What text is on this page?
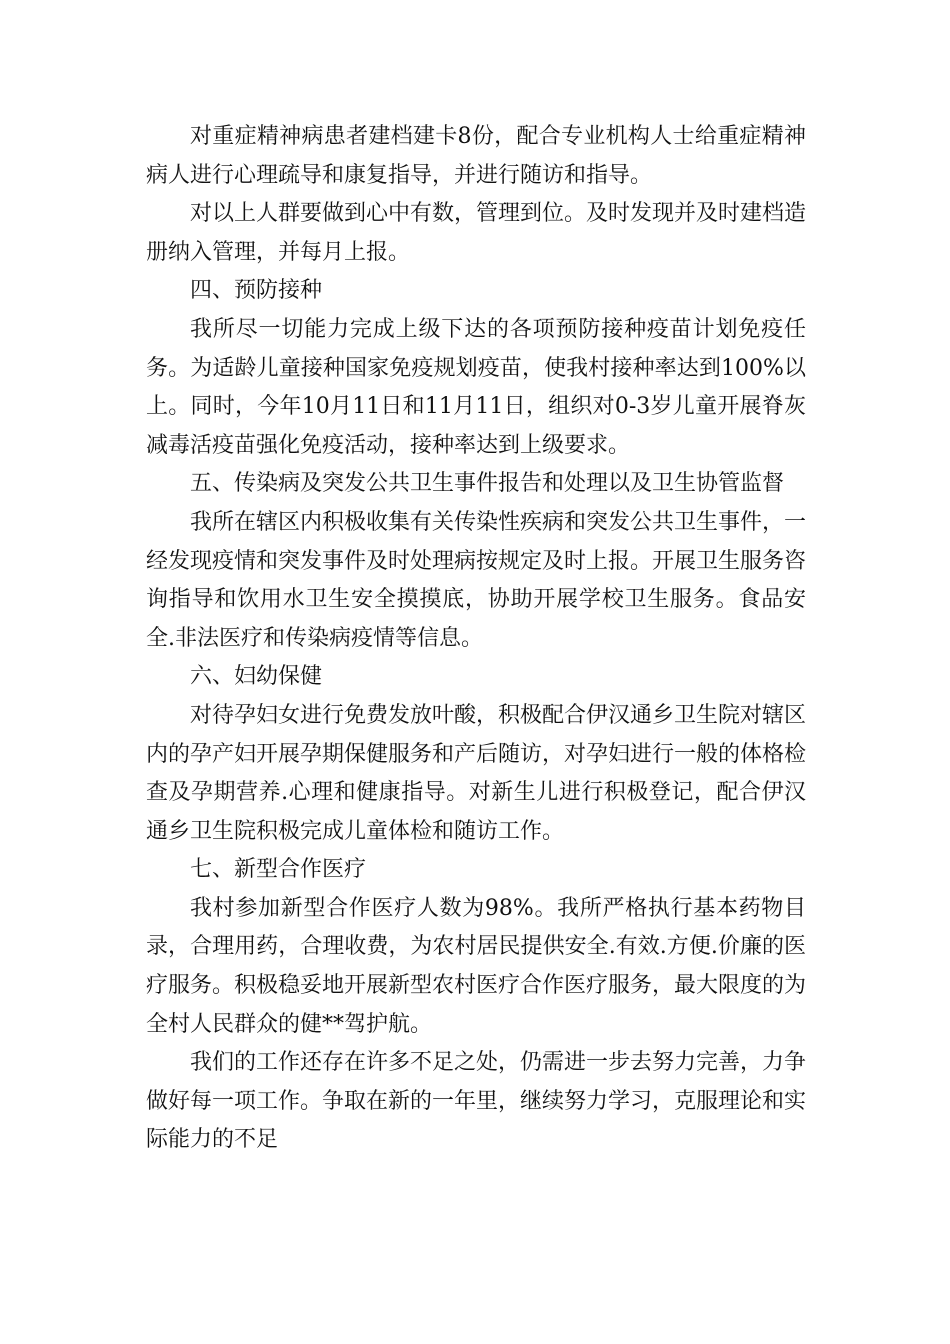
对重症精神病患者建档建卡8份，配合专业机构人士给重症精神病人进行心理疏导和康复指导，并进行随访和指导。

对以上人群要做到心中有数，管理到位。及时发现并及时建档造册纳入管理，并每月上报。

四、预防接种

我所尽一切能力完成上级下达的各项预防接种疫苗计划免疫任务。为适龄儿童接种国家免疫规划疫苗，使我村接种率达到100%以上。同时，今年10月11日和11月11日，组织对0-3岁儿童开展脊灰减毒活疫苗强化免疫活动，接种率达到上级要求。

五、传染病及突发公共卫生事件报告和处理以及卫生协管监督

我所在辖区内积极收集有关传染性疾病和突发公共卫生事件，一经发现疫情和突发事件及时处理病按规定及时上报。开展卫生服务咨询指导和饮用水卫生安全摸摸底，协助开展学校卫生服务。食品安全.非法医疗和传染病疫情等信息。

六、妇幼保健

对待孕妇女进行免费发放叶酸，积极配合伊汉通乡卫生院对辖区内的孕产妇开展孕期保健服务和产后随访，对孕妇进行一般的体格检查及孕期营养.心理和健康指导。对新生儿进行积极登记，配合伊汉通乡卫生院积极完成儿童体检和随访工作。

七、新型合作医疗

我村参加新型合作医疗人数为98%。我所严格执行基本药物目录，合理用药，合理收费，为农村居民提供安全.有效.方便.价廉的医疗服务。积极稳妥地开展新型农村医疗合作医疗服务，最大限度的为全村人民群众的健**驾护航。

我们的工作还存在许多不足之处，仍需进一步去努力完善，力争做好每一项工作。争取在新的一年里，继续努力学习，克服理论和实际能力的不足
